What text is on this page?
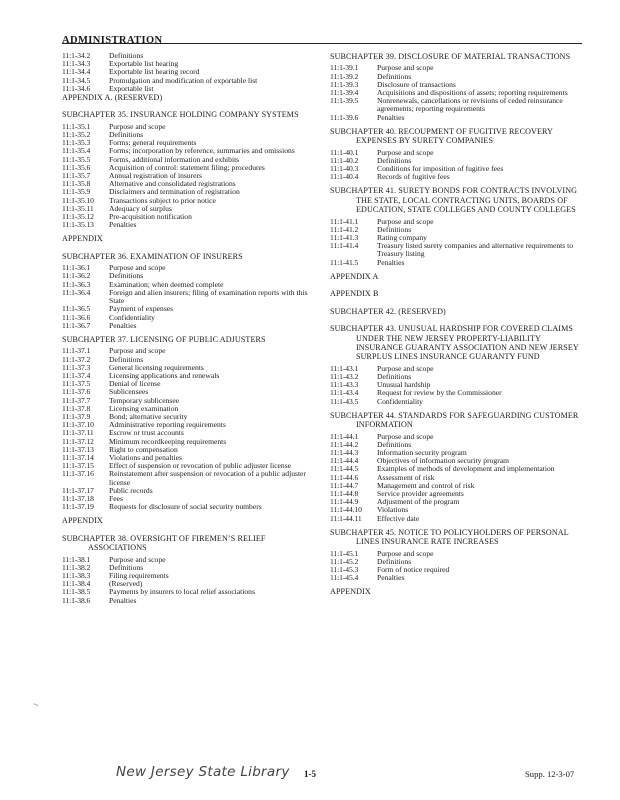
ADMINISTRATION
11:1-34.2	Definitions
11:1-34.3	Exportable list hearing
11:1-34.4	Exportable list hearing record
11:1-34.5	Promulgation and modification of exportable list
11:1-34.6	Exportable list
APPENDIX A. (RESERVED)
SUBCHAPTER 35. INSURANCE HOLDING COMPANY SYSTEMS
11:1-35.1	Purpose and scope
11:1-35.2	Definitions
11:1-35.3	Forms; general requirements
11:1-35.4	Forms; incorporation by reference, summaries and omissions
11:1-35.5	Forms, additional information and exhibits
11:1-35.6	Acquisition of control: statement filing; procedures
11:1-35.7	Annual registration of insurers
11:1-35.8	Alternative and consolidated registrations
11:1-35.9	Disclaimers and termination of registration
11:1-35.10	Transactions subject to prior notice
11:1-35.11	Adequacy of surplus
11:1-35.12	Pre-acquisition notification
11:1-35.13	Penalties
APPENDIX
SUBCHAPTER 36. EXAMINATION OF INSURERS
11:1-36.1	Purpose and scope
11:1-36.2	Definitions
11:1-36.3	Examination; when deemed complete
11:1-36.4	Foreign and alien insurers; filing of examination reports with this State
11:1-36.5	Payment of expenses
11:1-36.6	Confidentiality
11:1-36.7	Penalties
SUBCHAPTER 37. LICENSING OF PUBLIC ADJUSTERS
11:1-37.1	Purpose and scope
11:1-37.2	Definitions
11:1-37.3	General licensing requirements
11:1-37.4	Licensing applications and renewals
11:1-37.5	Denial of license
11:1-37.6	Sublicensees
11:1-37.7	Temporary sublicensee
11:1-37.8	Licensing examination
11:1-37.9	Bond; alternative security
11:1-37.10	Administrative reporting requirements
11:1-37.11	Escrow or trust accounts
11:1-37.12	Minimum recordkeeping requirements
11:1-37.13	Right to compensation
11:1-37.14	Violations and penalties
11:1-37.15	Effect of suspension or revocation of public adjuster license
11:1-37.16	Reinstatement after suspension or revocation of a public adjuster license
11:1-37.17	Public records
11:1-37.18	Fees
11:1-37.19	Requests for disclosure of social security numbers
APPENDIX
SUBCHAPTER 38. OVERSIGHT OF FIREMEN’S RELIEF ASSOCIATIONS
11:1-38.1	Purpose and scope
11:1-38.2	Definitions
11:1-38.3	Filing requirements
11:1-38.4	(Reserved)
11:1-38.5	Payments by insurers to local relief associations
11:1-38.6	Penalties
SUBCHAPTER 39. DISCLOSURE OF MATERIAL TRANSACTIONS
11:1-39.1	Purpose and scope
11:1-39.2	Definitions
11:1-39.3	Disclosure of transactions
11:1-39.4	Acquisitions and dispositions of assets; reporting requirements
11:1-39.5	Nonrenewals, cancellations or revisions of ceded reinsurance agreements; reporting requirements
11:1-39.6	Penalties
SUBCHAPTER 40. RECOUPMENT OF FUGITIVE RECOVERY EXPENSES BY SURETY COMPANIES
11:1-40.1	Purpose and scope
11:1-40.2	Definitions
11:1-40.3	Conditions for imposition of fugitive fees
11:1-40.4	Records of fugitive fees
SUBCHAPTER 41. SURETY BONDS FOR CONTRACTS INVOLVING THE STATE, LOCAL CONTRACTING UNITS, BOARDS OF EDUCATION, STATE COLLEGES AND COUNTY COLLEGES
11:1-41.1	Purpose and scope
11:1-41.2	Definitions
11:1-41.3	Rating company
11:1-41.4	Treasury listed surety companies and alternative requirements to Treasury listing
11:1-41.5	Penalties
APPENDIX A
APPENDIX B
SUBCHAPTER 42. (RESERVED)
SUBCHAPTER 43. UNUSUAL HARDSHIP FOR COVERED CLAIMS UNDER THE NEW JERSEY PROPERTY-LIABILITY INSURANCE GUARANTY ASSOCIATION AND NEW JERSEY SURPLUS LINES INSURANCE GUARANTY FUND
11:1-43.1	Purpose and scope
11:1-43.2	Definitions
11:1-43.3	Unusual hardship
11:1-43.4	Request for review by the Commissioner
11:1-43.5	Confidentiality
SUBCHAPTER 44. STANDARDS FOR SAFEGUARDING CUSTOMER INFORMATION
11:1-44.1	Purpose and scope
11:1-44.2	Definitions
11:1-44.3	Information security program
11:1-44.4	Objectives of information security program
11:1-44.5	Examples of methods of development and implementation
11:1-44.6	Assessment of risk
11:1-44.7	Management and control of risk
11:1-44.8	Service provider agreements
11:1-44.9	Adjustment of the program
11:1-44.10	Violations
11:1-44.11	Effective date
SUBCHAPTER 45. NOTICE TO POLICYHOLDERS OF PERSONAL LINES INSURANCE RATE INCREASES
11:1-45.1	Purpose and scope
11:1-45.2	Definitions
11:1-45.3	Form of notice required
11:1-45.4	Penalties
APPENDIX
New Jersey State Library 1-5	Supp. 12-3-07
